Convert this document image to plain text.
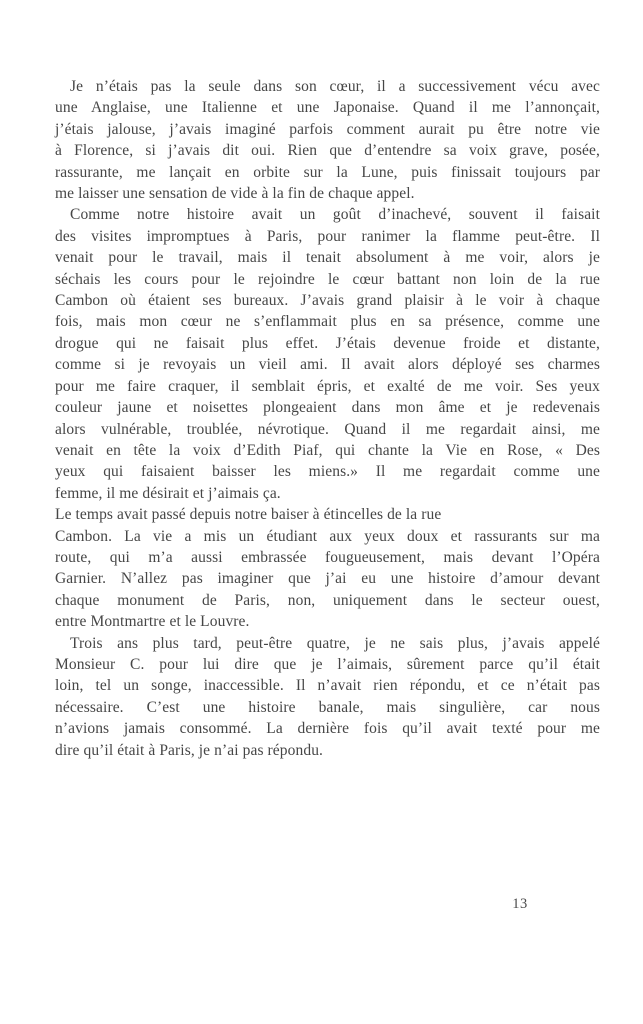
Je n’étais pas la seule dans son cœur, il a successivement vécu avec
une Anglaise, une Italienne et une Japonaise. Quand il me l’annonçait,
j’étais jalouse, j’avais imaginé parfois comment aurait pu être notre vie
à Florence, si j’avais dit oui. Rien que d’entendre sa voix grave, posée,
rassurante, me lançait en orbite sur la Lune, puis finissait toujours par
me laisser une sensation de vide à la fin de chaque appel.
Comme notre histoire avait un goût d’inachevé, souvent il faisait
des visites impromptues à Paris, pour ranimer la flamme peut-être. Il
venait pour le travail, mais il tenait absolument à me voir, alors je
séchais les cours pour le rejoindre le cœur battant non loin de la rue
Cambon où étaient ses bureaux. J’avais grand plaisir à le voir à chaque
fois, mais mon cœur ne s’enflammait plus en sa présence, comme une
drogue qui ne faisait plus effet. J’étais devenue froide et distante,
comme si je revoyais un vieil ami. Il avait alors déployé ses charmes
pour me faire craquer, il semblait épris, et exalté de me voir. Ses yeux
couleur jaune et noisettes plongeaient dans mon âme et je redevenais
alors vulnérable, troublée, névrotique. Quand il me regardait ainsi, me
venait en tête la voix d’Edith Piaf, qui chante la Vie en Rose, « Des
yeux qui faisaient baisser les miens.» Il me regardait comme une
femme, il me désirait et j’aimais ça.
Le temps avait passé depuis notre baiser à étincelles de la rue
Cambon. La vie a mis un étudiant aux yeux doux et rassurants sur ma
route, qui m’a aussi embrassée fougueusement, mais devant l’Opéra
Garnier. N’allez pas imaginer que j’ai eu une histoire d’amour devant
chaque monument de Paris, non, uniquement dans le secteur ouest,
entre Montmartre et le Louvre.
Trois ans plus tard, peut-être quatre, je ne sais plus, j’avais appelé
Monsieur C. pour lui dire que je l’aimais, sûrement parce qu’il était
loin, tel un songe, inaccessible. Il n’avait rien répondu, et ce n’était pas
nécessaire. C’est une histoire banale, mais singulière, car nous
n’avions jamais consommé. La dernière fois qu’il avait texté pour me
dire qu’il était à Paris, je n’ai pas répondu.
13
